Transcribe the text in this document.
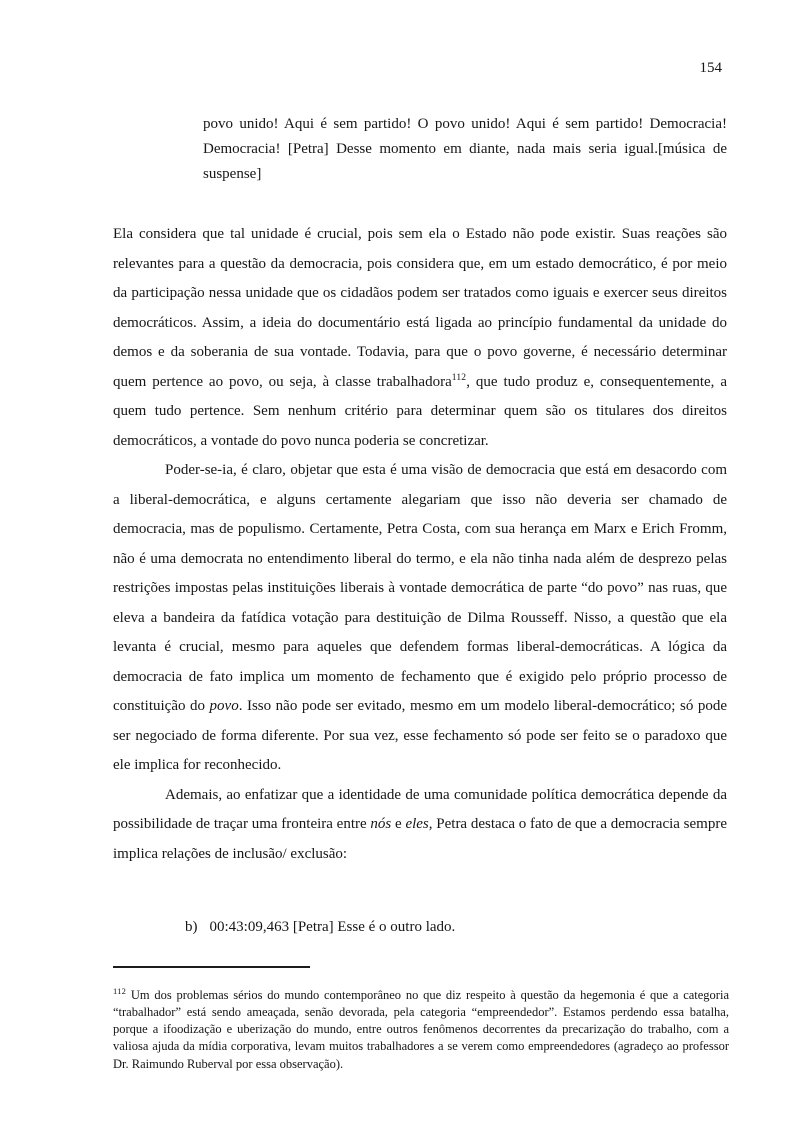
154
povo unido! Aqui é sem partido! O povo unido! Aqui é sem partido! Democracia! Democracia! [Petra] Desse momento em diante, nada mais seria igual.[música de suspense]

Ela considera que tal unidade é crucial, pois sem ela o Estado não pode existir. Suas reações são relevantes para a questão da democracia, pois considera que, em um estado democrático, é por meio da participação nessa unidade que os cidadãos podem ser tratados como iguais e exercer seus direitos democráticos. Assim, a ideia do documentário está ligada ao princípio fundamental da unidade do demos e da soberania de sua vontade. Todavia, para que o povo governe, é necessário determinar quem pertence ao povo, ou seja, à classe trabalhadora$^{112}$, que tudo produz e, consequentemente, a quem tudo pertence. Sem nenhum critério para determinar quem são os titulares dos direitos democráticos, a vontade do povo nunca poderia se concretizar.

Poder-se-ia, é claro, objetar que esta é uma visão de democracia que está em desacordo com a liberal-democrática, e alguns certamente alegariam que isso não deveria ser chamado de democracia, mas de populismo. Certamente, Petra Costa, com sua herança em Marx e Erich Fromm, não é uma democrata no entendimento liberal do termo, e ela não tinha nada além de desprezo pelas restrições impostas pelas instituições liberais à vontade democrática de parte “do povo” nas ruas, que eleva a bandeira da fatídica votação para destituição de Dilma Rousseff. Nisso, a questão que ela levanta é crucial, mesmo para aqueles que defendem formas liberal-democráticas. A lógica da democracia de fato implica um momento de fechamento que é exigido pelo próprio processo de constituição do povo. Isso não pode ser evitado, mesmo em um modelo liberal-democrático; só pode ser negociado de forma diferente. Por sua vez, esse fechamento só pode ser feito se o paradoxo que ele implica for reconhecido.

Ademais, ao enfatizar que a identidade de uma comunidade política democrática depende da possibilidade de traçar uma fronteira entre nós e eles, Petra destaca o fato de que a democracia sempre implica relações de inclusão/ exclusão:

b) 00:43:09,463 [Petra] Esse é o outro lado.

$^{112}$ Um dos problemas sérios do mundo contemporâneo no que diz respeito à questão da hegemonia é que a categoria “trabalhador” está sendo ameaçada, senão devorada, pela categoria “empreendedor”. Estamos perdendo essa batalha, porque a ifoodização e uberização do mundo, entre outros fenômenos decorrentes da precarização do trabalho, com a valiosa ajuda da mídia corporativa, levam muitos trabalhadores a se verem como empreendedores (agradeço ao professor Dr. Raimundo Ruberval por essa observação).
